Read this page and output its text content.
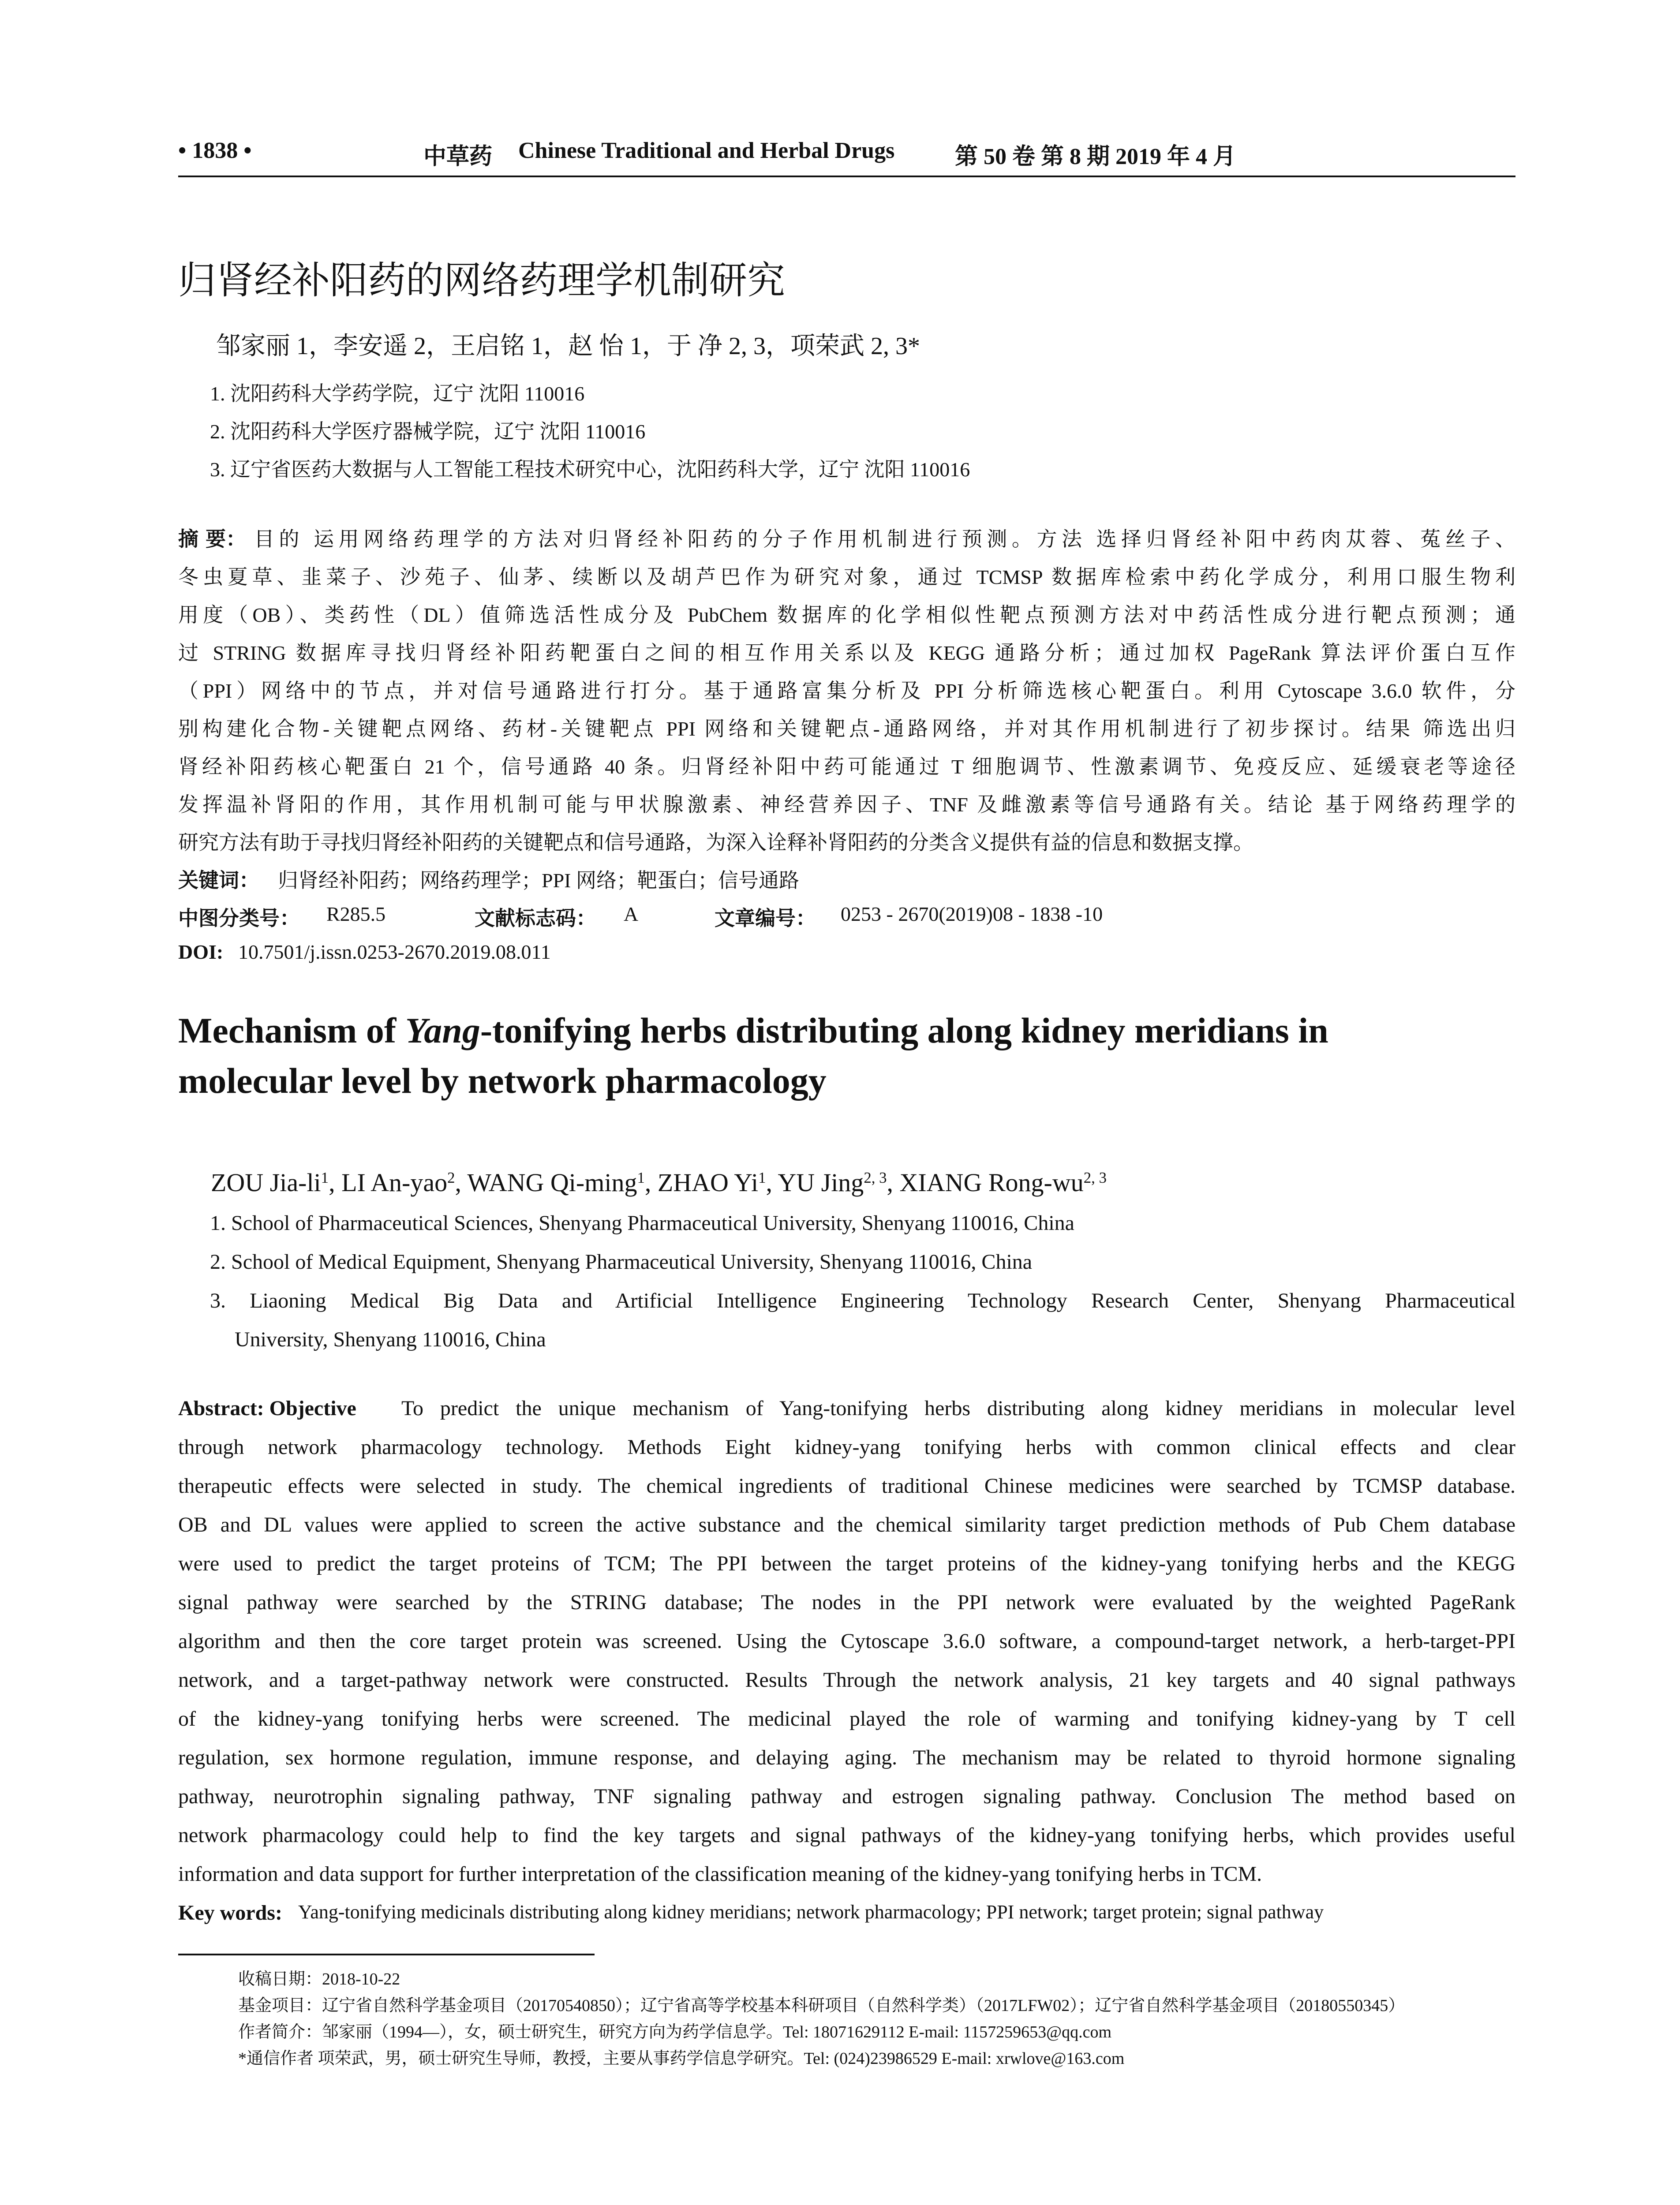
• 1838 •	中草药 Chinese Traditional and Herbal Drugs	第 50 卷 第 8 期 2019 年 4 月
归肾经补阳药的网络药理学机制研究
邹家丽 1，李安遥 2，王启铭 1，赵 怡 1，于 净 2, 3，项荣武 2, 3*
1. 沈阳药科大学药学院，辽宁 沈阳 110016
2. 沈阳药科大学医疗器械学院，辽宁 沈阳 110016
3. 辽宁省医药大数据与人工智能工程技术研究中心，沈阳药科大学，辽宁 沈阳 110016
摘 要： 目的 运用网络药理学的方法对归肾经补阳药的分子作用机制进行预测。方法 选择归肾经补阳中药肉苁蓉、菟丝子、
冬虫夏草、韭菜子、沙苑子、仙茅、续断以及胡芦巴作为研究对象，通过 TCMSP 数据库检索中药化学成分，利用口服生物利
用度（OB）、类药性（DL）值筛选活性成分及 PubChem 数据库的化学相似性靶点预测方法对中药活性成分进行靶点预测；通
过 STRING 数据库寻找归肾经补阳药靶蛋白之间的相互作用关系以及 KEGG 通路分析；通过加权 PageRank 算法评价蛋白互作
（PPI）网络中的节点，并对信号通路进行打分。基于通路富集分析及 PPI 分析筛选核心靶蛋白。利用 Cytoscape 3.6.0 软件，分
别构建化合物-关键靶点网络、药材-关键靶点 PPI 网络和关键靶点-通路网络，并对其作用机制进行了初步探讨。结果 筛选出归
肾经补阳药核心靶蛋白 21 个，信号通路 40 条。归肾经补阳中药可能通过 T 细胞调节、性激素调节、免疫反应、延缓衰老等途径
发挥温补肾阳的作用，其作用机制可能与甲状腺激素、神经营养因子、TNF 及雌激素等信号通路有关。结论 基于网络药理学的
研究方法有助于寻找归肾经补阳药的关键靶点和信号通路，为深入诠释补肾阳药的分类含义提供有益的信息和数据支撑。
关键词： 归肾经补阳药；网络药理学；PPI 网络；靶蛋白；信号通路
中图分类号： R285.5	文献标志码： A	文章编号： 0253 - 2670(2019)08 - 1838 -10
DOI: 10.7501/j.issn.0253-2670.2019.08.011
Mechanism of Yang-tonifying herbs distributing along kidney meridians in
molecular level by network pharmacology
ZOU Jia-$li^1$, LI An-yao$^2$, WANG Qi-ming$^1$, ZHAO Yi$^1$, YU Jing$^{2, 3}$, XIANG Rong-wu$^{2, 3}$
1. School of Pharmaceutical Sciences, Shenyang Pharmaceutical University, Shenyang 110016, China
2. School of Medical Equipment, Shenyang Pharmaceutical University, Shenyang 110016, China
3. Liaoning Medical Big Data and Artificial Intelligence Engineering Technology Research Center, Shenyang Pharmaceutical
University, Shenyang 110016, China
Abstract: Objective To predict the unique mechanism of Yang-tonifying herbs distributing along kidney meridians in molecular level
through network pharmacology technology. Methods Eight kidney-yang tonifying herbs with common clinical effects and clear
therapeutic effects were selected in study. The chemical ingredients of traditional Chinese medicines were searched by TCMSP database.
OB and DL values were applied to screen the active substance and the chemical similarity target prediction methods of Pub Chem database
were used to predict the target proteins of TCM; The PPI between the target proteins of the kidney-yang tonifying herbs and the KEGG
signal pathway were searched by the STRING database; The nodes in the PPI network were evaluated by the weighted PageRank
algorithm and then the core target protein was screened. Using the Cytoscape 3.6.0 software, a compound-target network, a herb-target-PPI
network, and a target-pathway network were constructed. Results Through the network analysis, 21 key targets and 40 signal pathways
of the kidney-yang tonifying herbs were screened. The medicinal played the role of warming and tonifying kidney-yang by T cell
regulation, sex hormone regulation, immune response, and delaying aging. The mechanism may be related to thyroid hormone signaling
pathway, neurotrophin signaling pathway, TNF signaling pathway and estrogen signaling pathway. Conclusion The method based on
network pharmacology could help to find the key targets and signal pathways of the kidney-yang tonifying herbs, which provides useful
information and data support for further interpretation of the classification meaning of the kidney-yang tonifying herbs in TCM.
Key words: Yang-tonifying medicinals distributing along kidney meridians; network pharmacology; PPI network; target protein; signal pathway
收稿日期：2018-10-22
基金项目：辽宁省自然科学基金项目（20170540850）；辽宁省高等学校基本科研项目（自然科学类）（2017LFW02）；辽宁省自然科学基金项目（20180550345）
作者简介：邹家丽（1994—），女，硕士研究生，研究方向为药学信息学。Tel: 18071629112 E-mail: 1157259653@qq.com
*通信作者 项荣武，男，硕士研究生导师，教授，主要从事药学信息学研究。Tel: (024)23986529 E-mail: xrwlove@163.com
